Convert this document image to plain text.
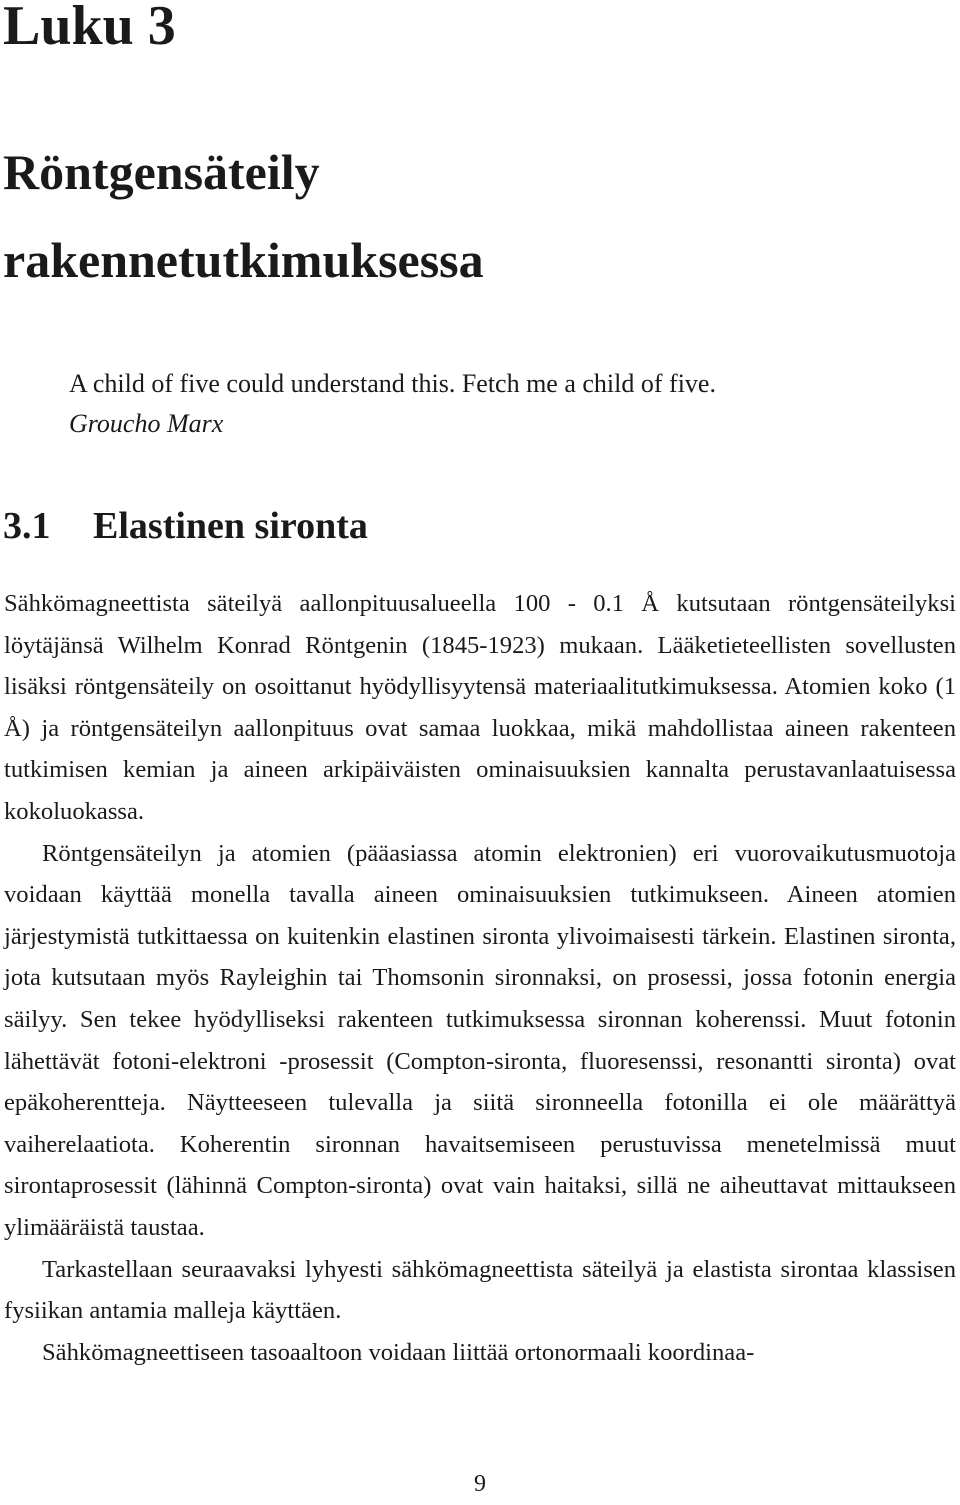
Luku 3
Röntgensäteily
rakennetutkimuksessa
A child of five could understand this. Fetch me a child of five.
Groucho Marx
3.1 Elastinen sironta

Sähkömagneettista säteilyä aallonpituusalueella 100 - 0.1 Å kutsutaan röntgensäteilyksi löytäjänsä Wilhelm Konrad Röntgenin (1845-1923) mukaan. Lääketieteellisten sovellusten lisäksi röntgensäteily on osoittanut hyödyllisyytensä materiaalitutkimuksessa. Atomien koko (1 Å) ja röntgensäteilyn aallonpituus ovat samaa luokkaa, mikä mahdollistaa aineen rakenteen tutkimisen kemian ja aineen arkipäiväisten ominaisuuksien kannalta perustavanlaatuisessa kokoluokassa.

Röntgensäteilyn ja atomien (pääasiassa atomin elektronien) eri vuorovaikutusmuotoja voidaan käyttää monella tavalla aineen ominaisuuksien tutkimukseen. Aineen atomien järjestymistä tutkittaessa on kuitenkin elastinen sironta ylivoimaisesti tärkein. Elastinen sironta, jota kutsutaan myös Rayleighin tai Thomsonin sironnaksi, on prosessi, jossa fotonin energia säilyy. Sen tekee hyödylliseksi rakenteen tutkimuksessa sironnan koherenssi. Muut fotonin lähettävät fotoni-elektroni -prosessit (Compton-sironta, fluoresenssi, resonantti sironta) ovat epäkoherentteja. Näytteeseen tulevalla ja siitä sironneella fotonilla ei ole määrättyä vaiherelaatiota. Koherentin sironnan havaitsemiseen perustuvissa menetelmissä muut sirontaprosessit (lähinnä Compton-sironta) ovat vain haitaksi, sillä ne aiheuttavat mittaukseen ylimääräistä taustaa.

Tarkastellaan seuraavaksi lyhyesti sähkömagneettista säteilyä ja elastista sirontaa klassisen fysiikan antamia malleja käyttäen.

Sähkömagneettiseen tasoaaltoon voidaan liittää ortonormaali koordinaa-

9
